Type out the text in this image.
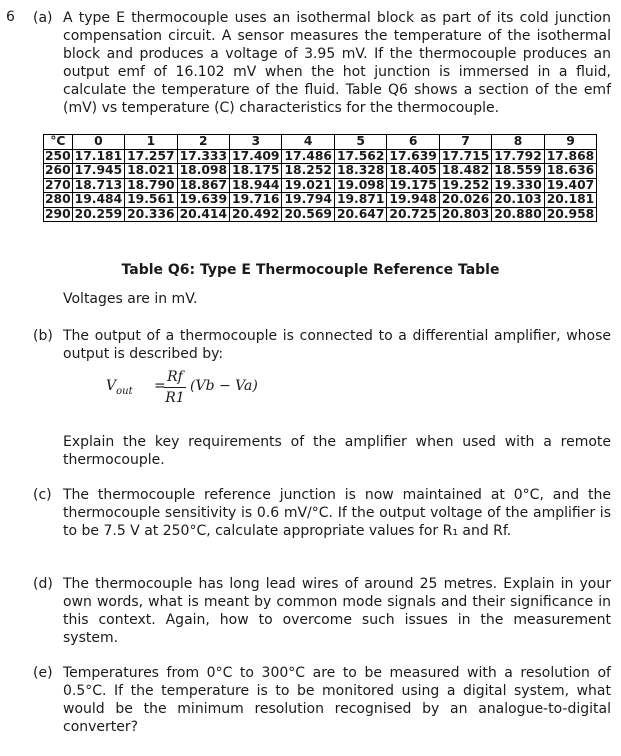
6 (a) A type E thermocouple uses an isothermal block as part of its cold junction compensation circuit. A sensor measures the temperature of the isothermal block and produces a voltage of 3.95 mV. If the thermocouple produces an output emf of 16.102 mV when the hot junction is immersed in a fluid, calculate the temperature of the fluid. Table Q6 shows a section of the emf (mV) vs temperature (C) characteristics for the thermocouple.

°C	0	1	2	3	4	5	6	7	8	9
250	17.181	17.257	17.333	17.409	17.486	17.562	17.639	17.715	17.792	17.868
260	17.945	18.021	18.098	18.175	18.252	18.328	18.405	18.482	18.559	18.636
270	18.713	18.790	18.867	18.944	19.021	19.098	19.175	19.252	19.330	19.407
280	19.484	19.561	19.639	19.716	19.794	19.871	19.948	20.026	20.103	20.181
290	20.259	20.336	20.414	20.492	20.569	20.647	20.725	20.803	20.880	20.958
Table Q6: Type E Thermocouple Reference Table
Voltages are in mV.
(b) The output of a thermocouple is connected to a differential amplifier, whose output is described by:

$V_{out}$ =
Rf
R1
(Vb − Va)

Explain the key requirements of the amplifier when used with a remote thermocouple.

(c) The thermocouple reference junction is now maintained at 0°C, and the thermocouple sensitivity is 0.6 mV/°C. If the output voltage of the amplifier is to be 7.5 V at 250°C, calculate appropriate values for R₁ and Rf.

(d) The thermocouple has long lead wires of around 25 metres. Explain in your own words, what is meant by common mode signals and their significance in this context. Again, how to overcome such issues in the measurement system.

(e) Temperatures from 0°C to 300°C are to be measured with a resolution of 0.5°C. If the temperature is to be monitored using a digital system, what would be the minimum resolution recognised by an analogue-to-digital converter?
